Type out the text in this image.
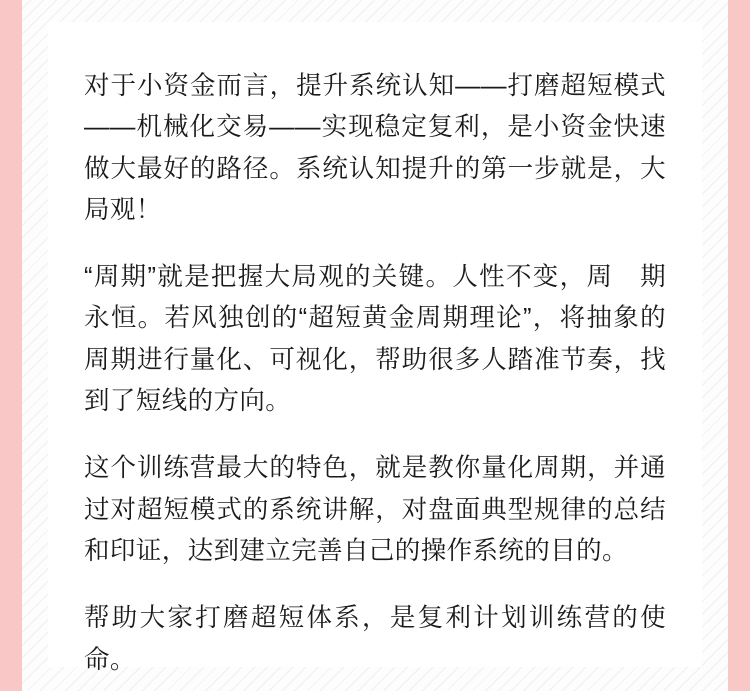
对于小资金而言，提升系统认知——打磨超短模式——机械化交易——实现稳定复利，是小资金快速做大最好的路径。系统认知提升的第一步就是，大局观！

“周期”就是把握大局观的关键。人性不变，周　期永恒。若风独创的“超短黄金周期理论”，将抽象的周期进行量化、可视化，帮助很多人踏准节奏，找到了短线的方向。

这个训练营最大的特色，就是教你量化周期，并通过对超短模式的系统讲解，对盘面典型规律的总结和印证，达到建立完善自己的操作系统的目的。

帮助大家打磨超短体系，是复利计划训练营的使命。
